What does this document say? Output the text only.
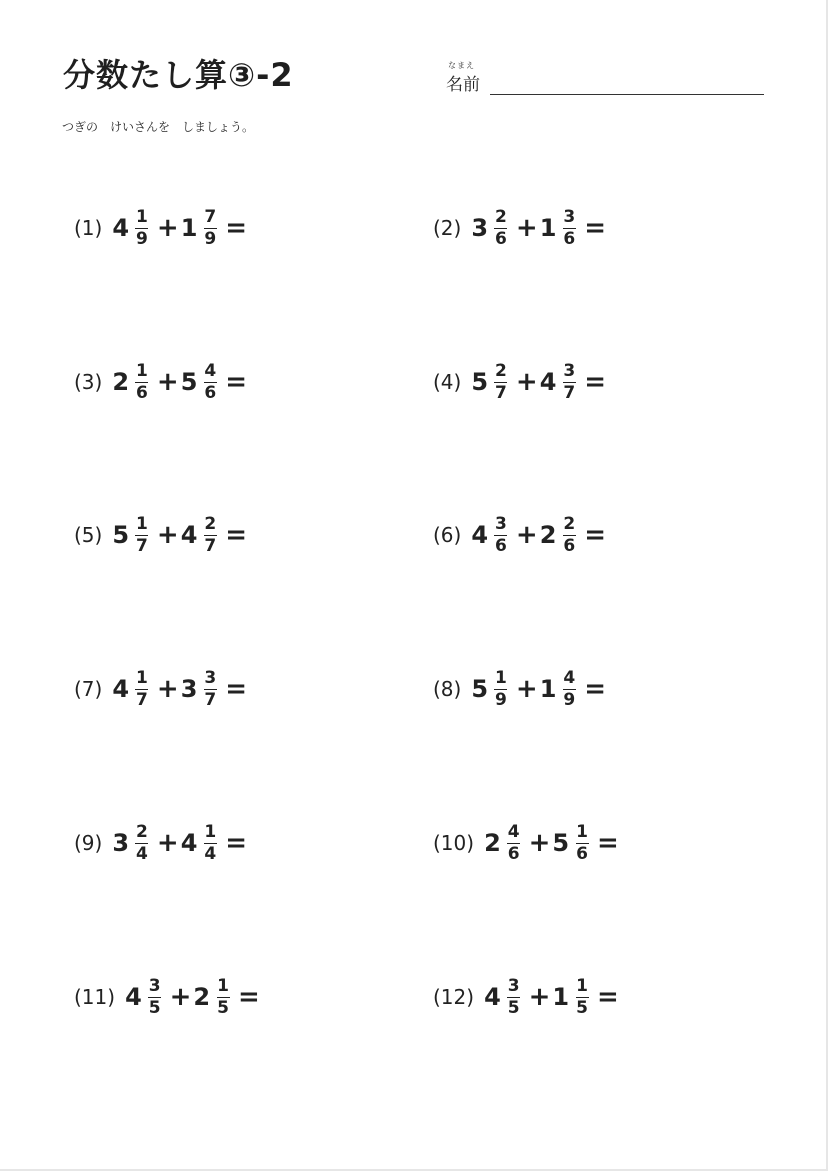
分数たし算③-2	なまえ
名前
つぎの　けいさんを　しましょう。
(1) $4 \frac{1}{9} + 1 \frac{7}{9}$ =	(2) $3 \frac{2}{6} + 1 \frac{3}{6}$ =
(3) $2 \frac{1}{6} + 5 \frac{4}{6}$ =	(4) $5 \frac{2}{7} + 4 \frac{3}{7}$ =
(5) $5 \frac{1}{7} + 4 \frac{2}{7}$ =	(6) $4 \frac{3}{6} + 2 \frac{2}{6}$ =
(7) $4 \frac{1}{7} + 3 \frac{3}{7}$ =	(8) $5 \frac{1}{9} + 1 \frac{4}{9}$ =
(9) $3 \frac{2}{4} + 4 \frac{1}{4}$ =	(10) $2 \frac{4}{6} + 5 \frac{1}{6}$ =
(11) $4 \frac{3}{5} + 2 \frac{1}{5}$ =	(12) $4 \frac{3}{5} + 1 \frac{1}{5}$ =
